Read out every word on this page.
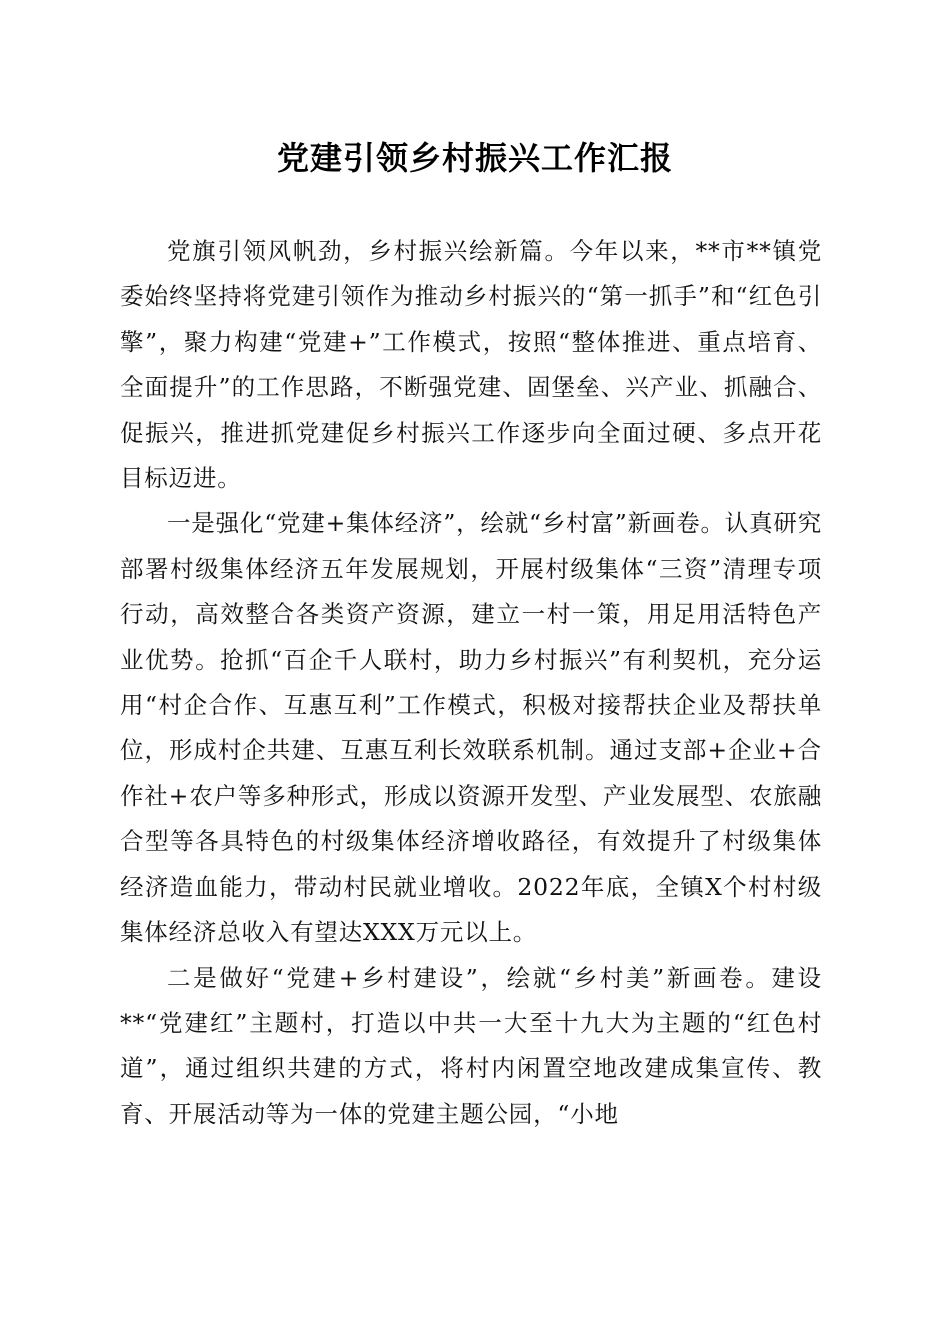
党建引领乡村振兴工作汇报

党旗引领风帆劲，乡村振兴绘新篇。今年以来，**市**镇党委始终坚持将党建引领作为推动乡村振兴的“第一抓手”和“红色引擎”，聚力构建“党建+”工作模式，按照“整体推进、重点培育、全面提升”的工作思路，不断强党建、固堡垒、兴产业、抓融合、促振兴，推进抓党建促乡村振兴工作逐步向全面过硬、多点开花目标迈进。

一是强化“党建+集体经济”，绘就“乡村富”新画卷。认真研究部署村级集体经济五年发展规划，开展村级集体“三资”清理专项行动，高效整合各类资产资源，建立一村一策，用足用活特色产业优势。抢抓“百企千人联村，助力乡村振兴”有利契机，充分运用“村企合作、互惠互利”工作模式，积极对接帮扶企业及帮扶单位，形成村企共建、互惠互利长效联系机制。通过支部+企业+合作社+农户等多种形式，形成以资源开发型、产业发展型、农旅融合型等各具特色的村级集体经济增收路径，有效提升了村级集体经济造血能力，带动村民就业增收。2022年底，全镇X个村村级集体经济总收入有望达XXX万元以上。

二是做好“党建+乡村建设”，绘就“乡村美”新画卷。建设**“党建红”主题村，打造以中共一大至十九大为主题的“红色村道”，通过组织共建的方式，将村内闲置空地改建成集宣传、教育、开展活动等为一体的党建主题公园，“小地
